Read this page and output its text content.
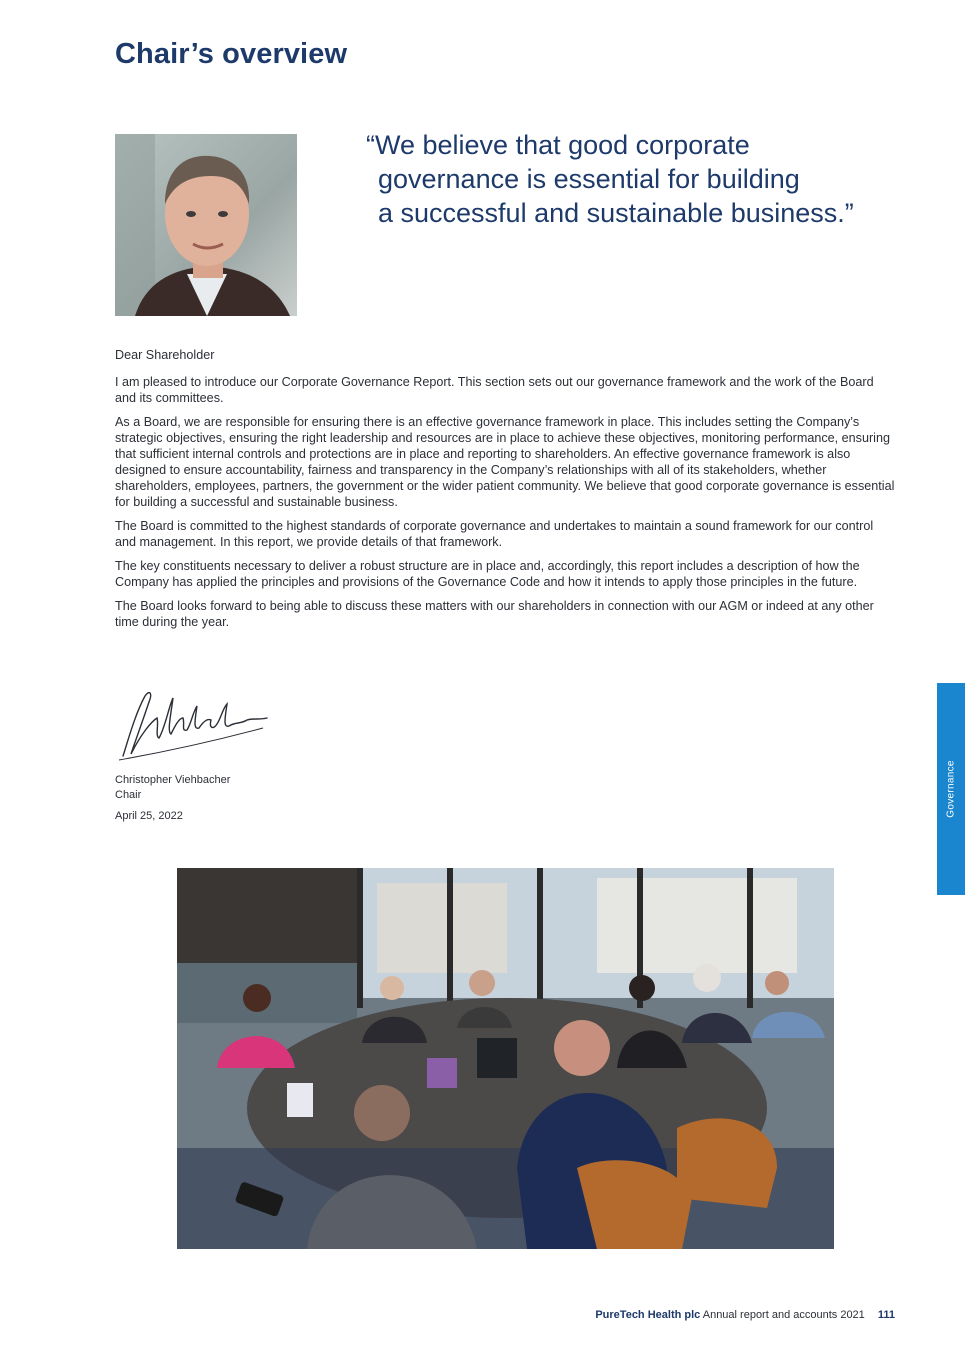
Chair’s overview
“We believe that good corporate
governance is essential for building
a successful and sustainable business.”

Dear Shareholder

I am pleased to introduce our Corporate Governance Report. This section sets out our governance framework and the work of the Board and its committees.

As a Board, we are responsible for ensuring there is an effective governance framework in place. This includes setting the Company’s strategic objectives, ensuring the right leadership and resources are in place to achieve these objectives, monitoring performance, ensuring that sufficient internal controls and protections are in place and reporting to shareholders. An effective governance framework is also designed to ensure accountability, fairness and transparency in the Company’s relationships with all of its stakeholders, whether shareholders, employees, partners, the government or the wider patient community. We believe that good corporate governance is essential for building a successful and sustainable business.

The Board is committed to the highest standards of corporate governance and undertakes to maintain a sound framework for our control and management. In this report, we provide details of that framework.

The key constituents necessary to deliver a robust structure are in place and, accordingly, this report includes a description of how the Company has applied the principles and provisions of the Governance Code and how it intends to apply those principles in the future.

The Board looks forward to being able to discuss these matters with our shareholders in connection with our AGM or indeed at any other time during the year.

Christopher Viehbacher
Chair
April 25, 2022	Governance
PureTech Health plc Annual report and accounts 2021 111
